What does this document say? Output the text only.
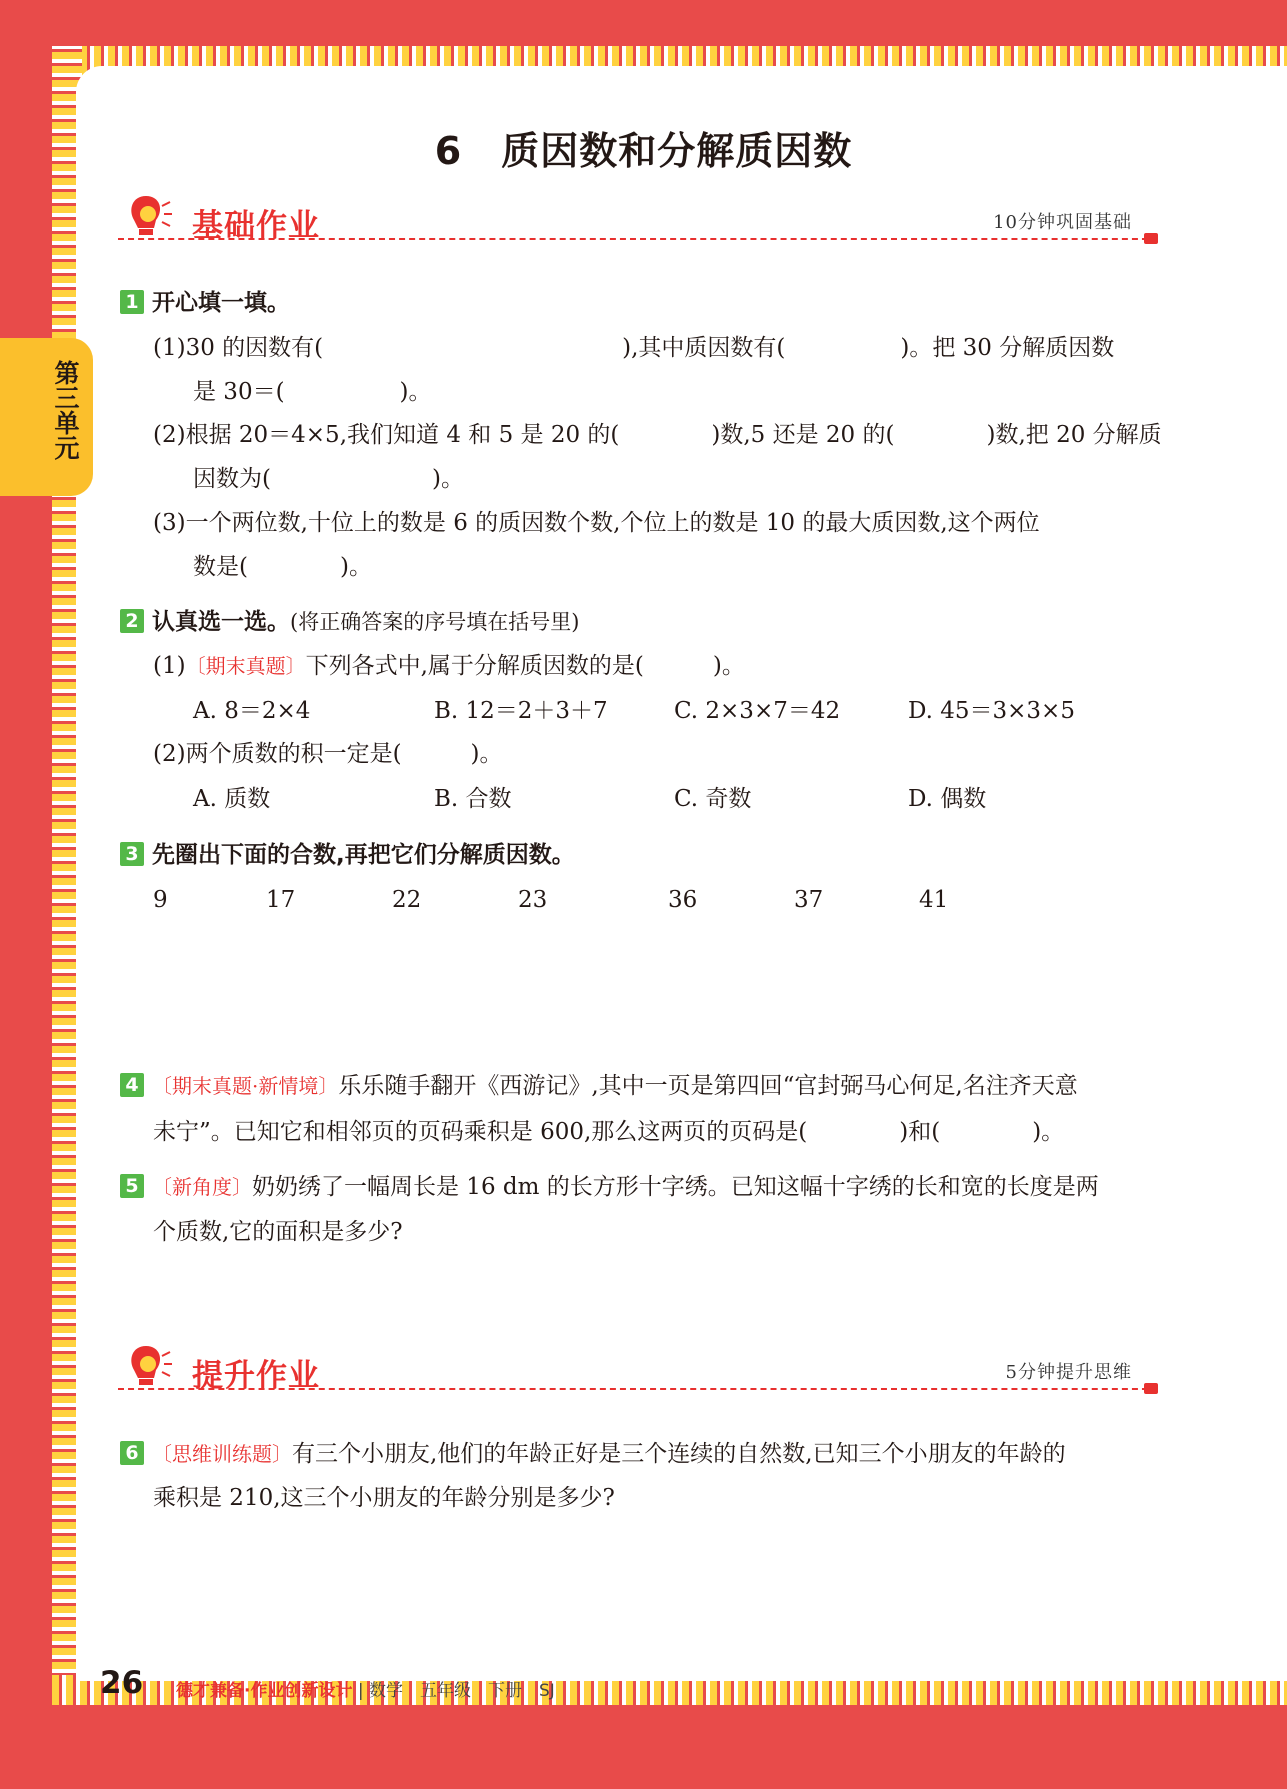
第三单元
6　质因数和分解质因数
基础作业	10分钟巩固基础
1 开心填一填。
(1)30 的因数有(　　　　　　　　　　　　　),其中质因数有(　　　　　)。把 30 分解质因数
是 30＝(　　　　　)。
(2)根据 20＝4×5,我们知道 4 和 5 是 20 的(　　　　)数,5 还是 20 的(　　　　)数,把 20 分解质
因数为(　　　　　　　)。
(3)一个两位数,十位上的数是 6 的质因数个数,个位上的数是 10 的最大质因数,这个两位
数是(　　　　)。
2 认真选一选。(将正确答案的序号填在括号里)
(1)〔期末真题〕下列各式中,属于分解质因数的是(　　　)。
A. 8＝2×4	B. 12＝2＋3＋7	C. 2×3×7＝42	D. 45＝3×3×5
(2)两个质数的积一定是(　　　)。
A. 质数	B. 合数	C. 奇数	D. 偶数
3 先圈出下面的合数,再把它们分解质因数。
9	17	22	23	36	37	41
4 〔期末真题·新情境〕乐乐随手翻开《西游记》,其中一页是第四回“官封弼马心何足,名注齐天意
未宁”。已知它和相邻页的页码乘积是 600,那么这两页的页码是(　　　　)和(　　　　)。
5 〔新角度〕奶奶绣了一幅周长是 16 dm 的长方形十字绣。已知这幅十字绣的长和宽的长度是两
个质数,它的面积是多少?
提升作业	5分钟提升思维
6 〔思维训练题〕有三个小朋友,他们的年龄正好是三个连续的自然数,已知三个小朋友的年龄的
乘积是 210,这三个小朋友的年龄分别是多少?
26 德才兼备·作业创新设计 | 数学　五年级　下册　SJ
